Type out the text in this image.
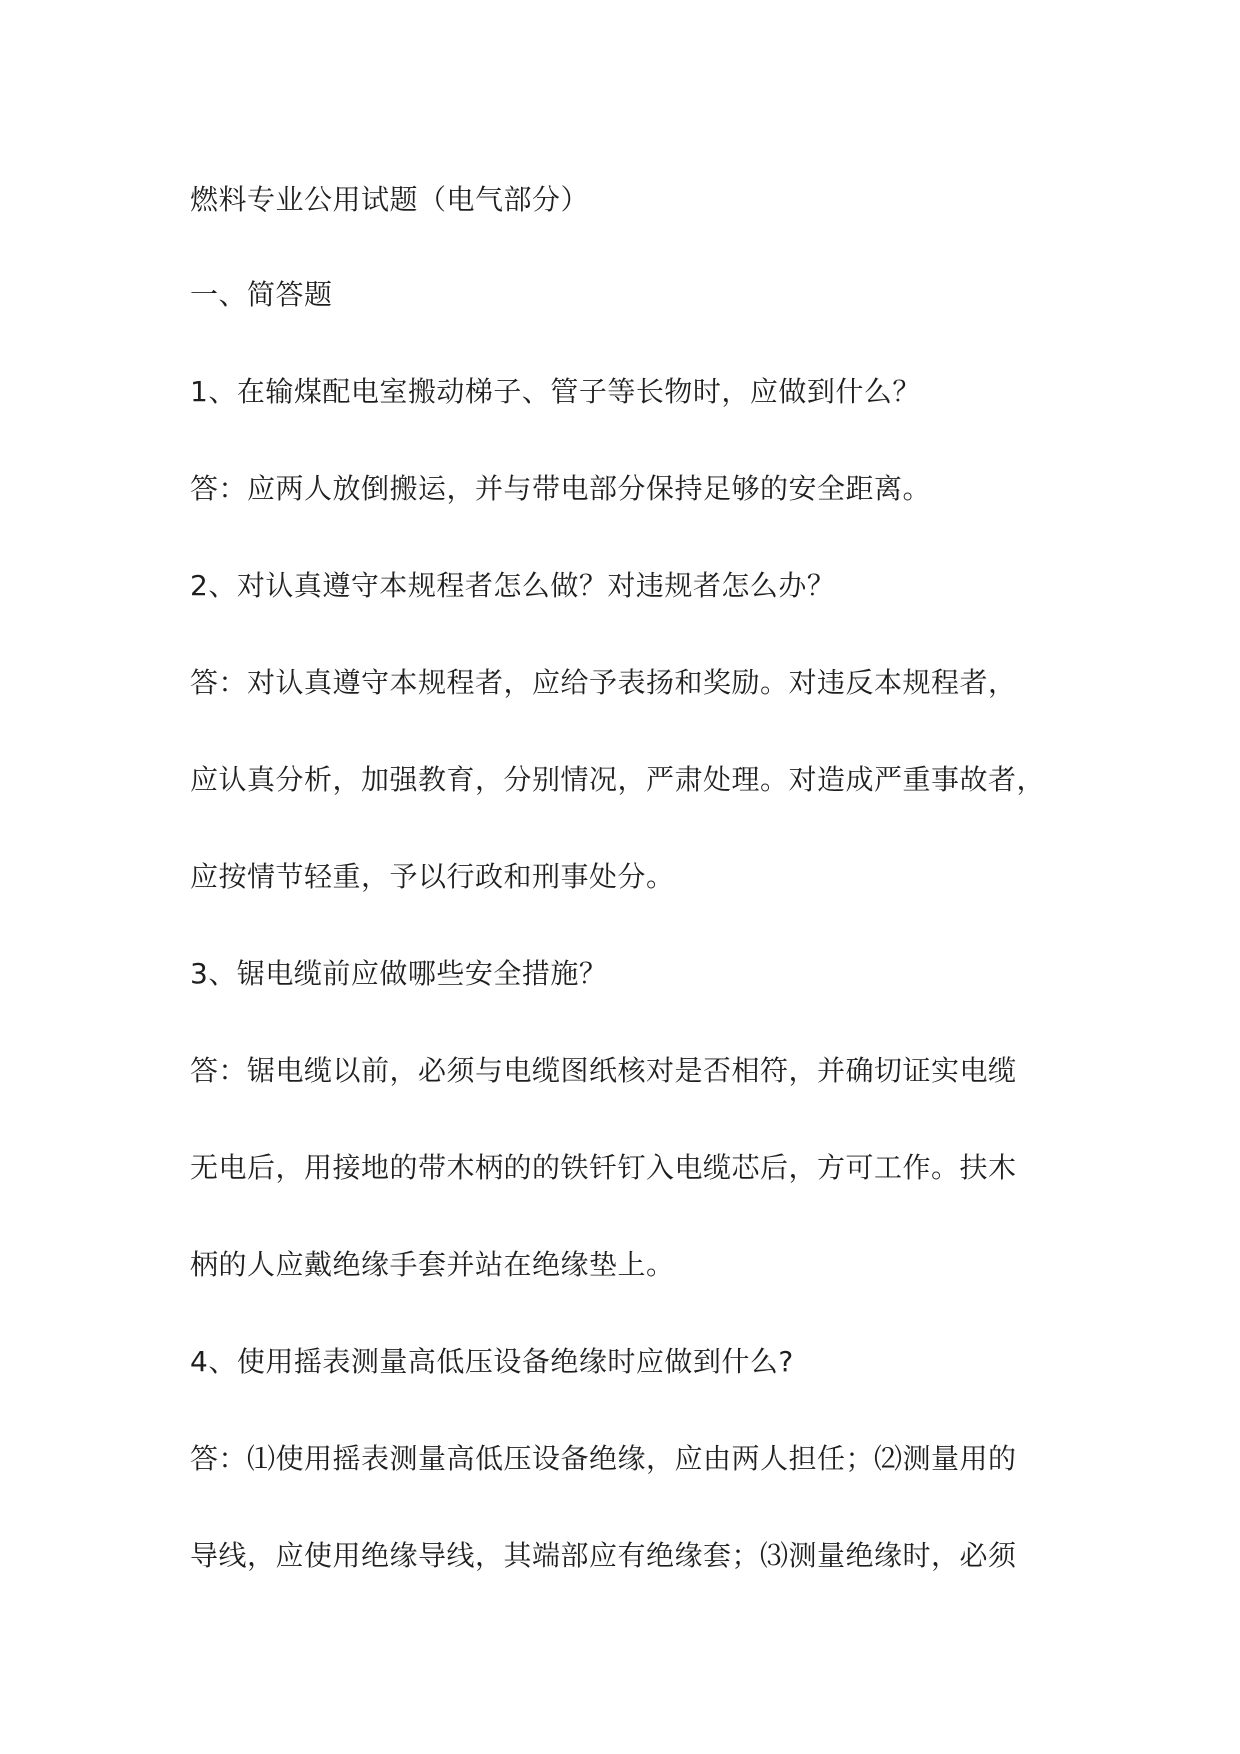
燃料专业公用试题（电气部分）
一、简答题
1、在输煤配电室搬动梯子、管子等长物时，应做到什么？
答：应两人放倒搬运，并与带电部分保持足够的安全距离。
2、对认真遵守本规程者怎么做？对违规者怎么办？
答：对认真遵守本规程者，应给予表扬和奖励。对违反本规程者，
应认真分析，加强教育，分别情况，严肃处理。对造成严重事故者，
应按情节轻重，予以行政和刑事处分。
3、锯电缆前应做哪些安全措施？
答：锯电缆以前，必须与电缆图纸核对是否相符，并确切证实电缆
无电后，用接地的带木柄的的铁钎钉入电缆芯后，方可工作。扶木
柄的人应戴绝缘手套并站在绝缘垫上。
4、使用摇表测量高低压设备绝缘时应做到什么?
答：⑴使用摇表测量高低压设备绝缘，应由两人担任；⑵测量用的
导线，应使用绝缘导线，其端部应有绝缘套；⑶测量绝缘时，必须
